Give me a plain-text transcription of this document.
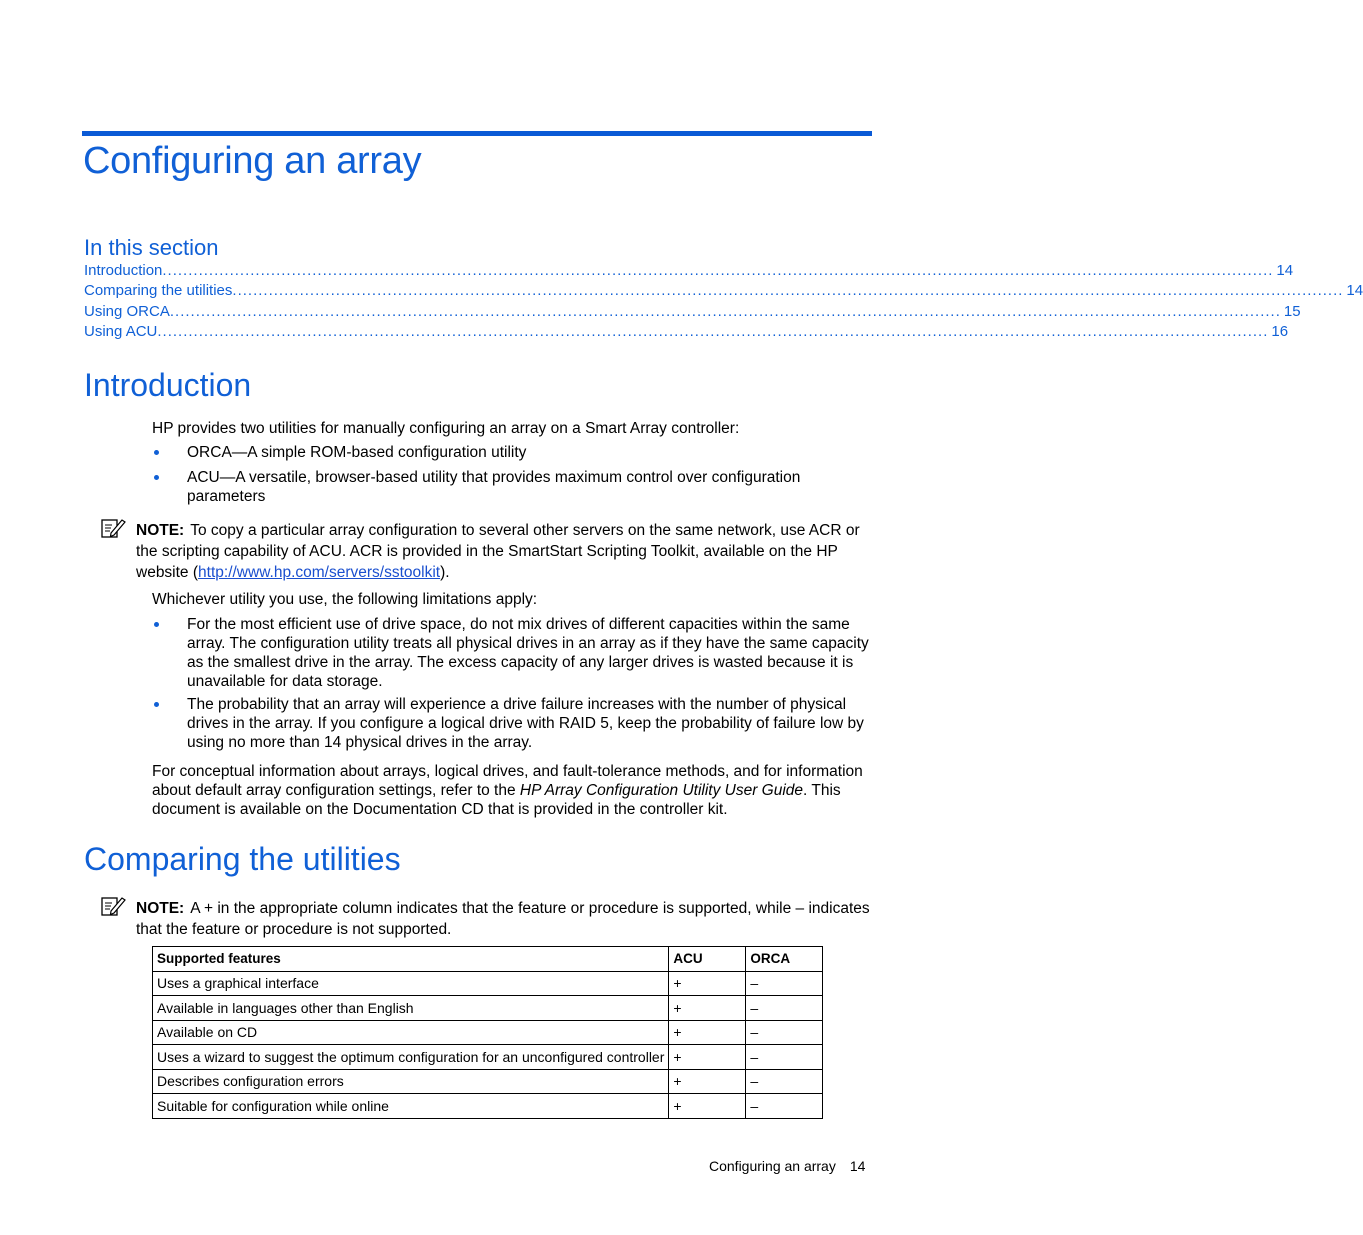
Configuring an array
In this section
Introduction ....................................................................................................................................................................................................................... 14
Comparing the utilities ....................................................................................................................................................................................................................... 14
Using ORCA ....................................................................................................................................................................................................................... 15
Using ACU ....................................................................................................................................................................................................................... 16
Introduction

HP provides two utilities for manually configuring an array on a Smart Array controller:

ORCA—A simple ROM-based configuration utility
ACU—A versatile, browser-based utility that provides maximum control over configuration parameters
NOTE: To copy a particular array configuration to several other servers on the same network, use ACR or the scripting capability of ACU. ACR is provided in the SmartStart Scripting Toolkit, available on the HP website (http://www.hp.com/servers/sstoolkit).

Whichever utility you use, the following limitations apply:

For the most efficient use of drive space, do not mix drives of different capacities within the same array. The configuration utility treats all physical drives in an array as if they have the same capacity as the smallest drive in the array. The excess capacity of any larger drives is wasted because it is unavailable for data storage.
The probability that an array will experience a drive failure increases with the number of physical drives in the array. If you configure a logical drive with RAID 5, keep the probability of failure low by using no more than 14 physical drives in the array.

For conceptual information about arrays, logical drives, and fault-tolerance methods, and for information about default array configuration settings, refer to the HP Array Configuration Utility User Guide. This document is available on the Documentation CD that is provided in the controller kit.

Comparing the utilities
NOTE: A + in the appropriate column indicates that the feature or procedure is supported, while – indicates that the feature or procedure is not supported.
Supported features	ACU	ORCA
Uses a graphical interface	+	–
Available in languages other than English	+	–
Available on CD	+	–
Uses a wizard to suggest the optimum configuration for an unconfigured controller	+	–
Describes configuration errors	+	–
Suitable for configuration while online	+	–
Configuring an array 14
